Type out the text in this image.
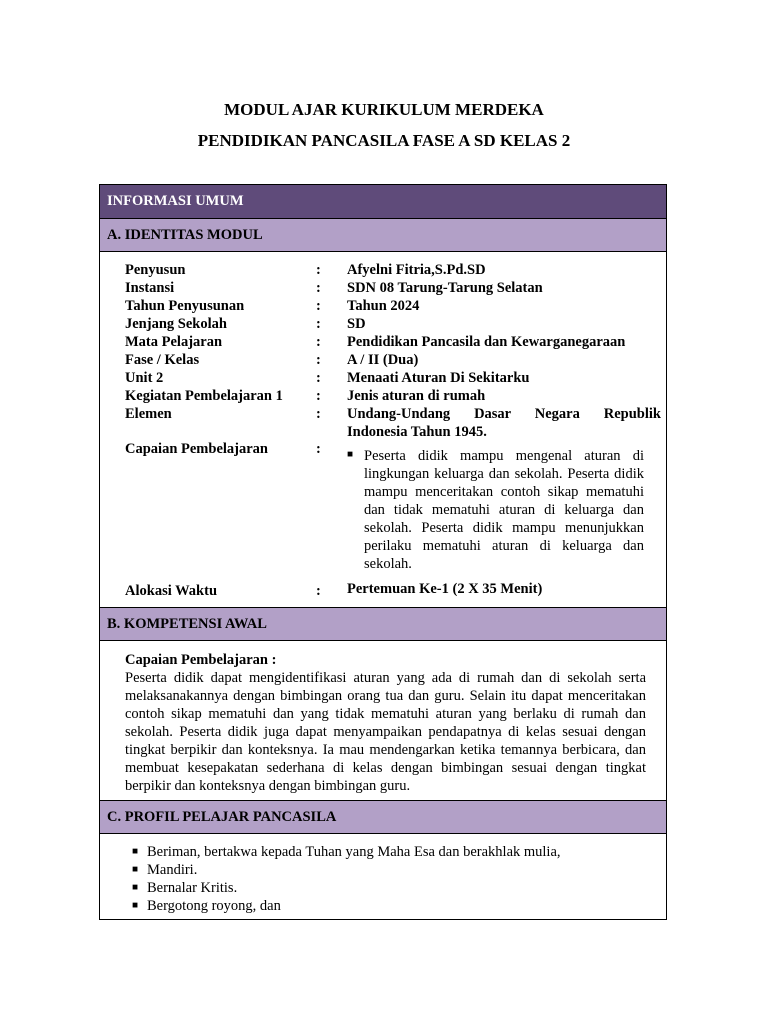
MODUL AJAR KURIKULUM MERDEKA
PENDIDIKAN PANCASILA FASE A SD KELAS 2
INFORMASI UMUM
A. IDENTITAS MODUL
Penyusun	: Afyelni Fitria,S.Pd.SD
Instansi	: SDN 08 Tarung-Tarung Selatan
Tahun Penyusunan	: Tahun 2024
Jenjang Sekolah	: SD
Mata Pelajaran	: Pendidikan Pancasila dan Kewarganegaraan
Fase / Kelas	: A / II (Dua)
Unit 2	: Menaati Aturan Di Sekitarku
Kegiatan Pembelajaran 1 : Jenis aturan di rumah
Elemen	: Undang-Undang Dasar Negara Republik
Indonesia Tahun 1945.
Capaian Pembelajaran	:	■ Peserta didik mampu mengenal aturan di lingkungan keluarga dan sekolah. Peserta didik mampu menceritakan contoh sikap mematuhi dan tidak mematuhi aturan di keluarga dan sekolah. Peserta didik mampu menunjukkan perilaku mematuhi aturan di keluarga dan sekolah.
Alokasi Waktu	: Pertemuan Ke-1 (2 X 35 Menit)
B. KOMPETENSI AWAL
Capaian Pembelajaran :
Peserta didik dapat mengidentifikasi aturan yang ada di rumah dan di sekolah serta melaksanakannya dengan bimbingan orang tua dan guru. Selain itu dapat menceritakan contoh sikap mematuhi dan yang tidak mematuhi aturan yang berlaku di rumah dan sekolah. Peserta didik juga dapat menyampaikan pendapatnya di kelas sesuai dengan tingkat berpikir dan konteksnya. Ia mau mendengarkan ketika temannya berbicara, dan membuat kesepakatan sederhana di kelas dengan bimbingan sesuai dengan tingkat berpikir dan konteksnya dengan bimbingan guru.
C. PROFIL PELAJAR PANCASILA
■ Beriman, bertakwa kepada Tuhan yang Maha Esa dan berakhlak mulia,
■ Mandiri.
■ Bernalar Kritis.
■ Bergotong royong, dan
